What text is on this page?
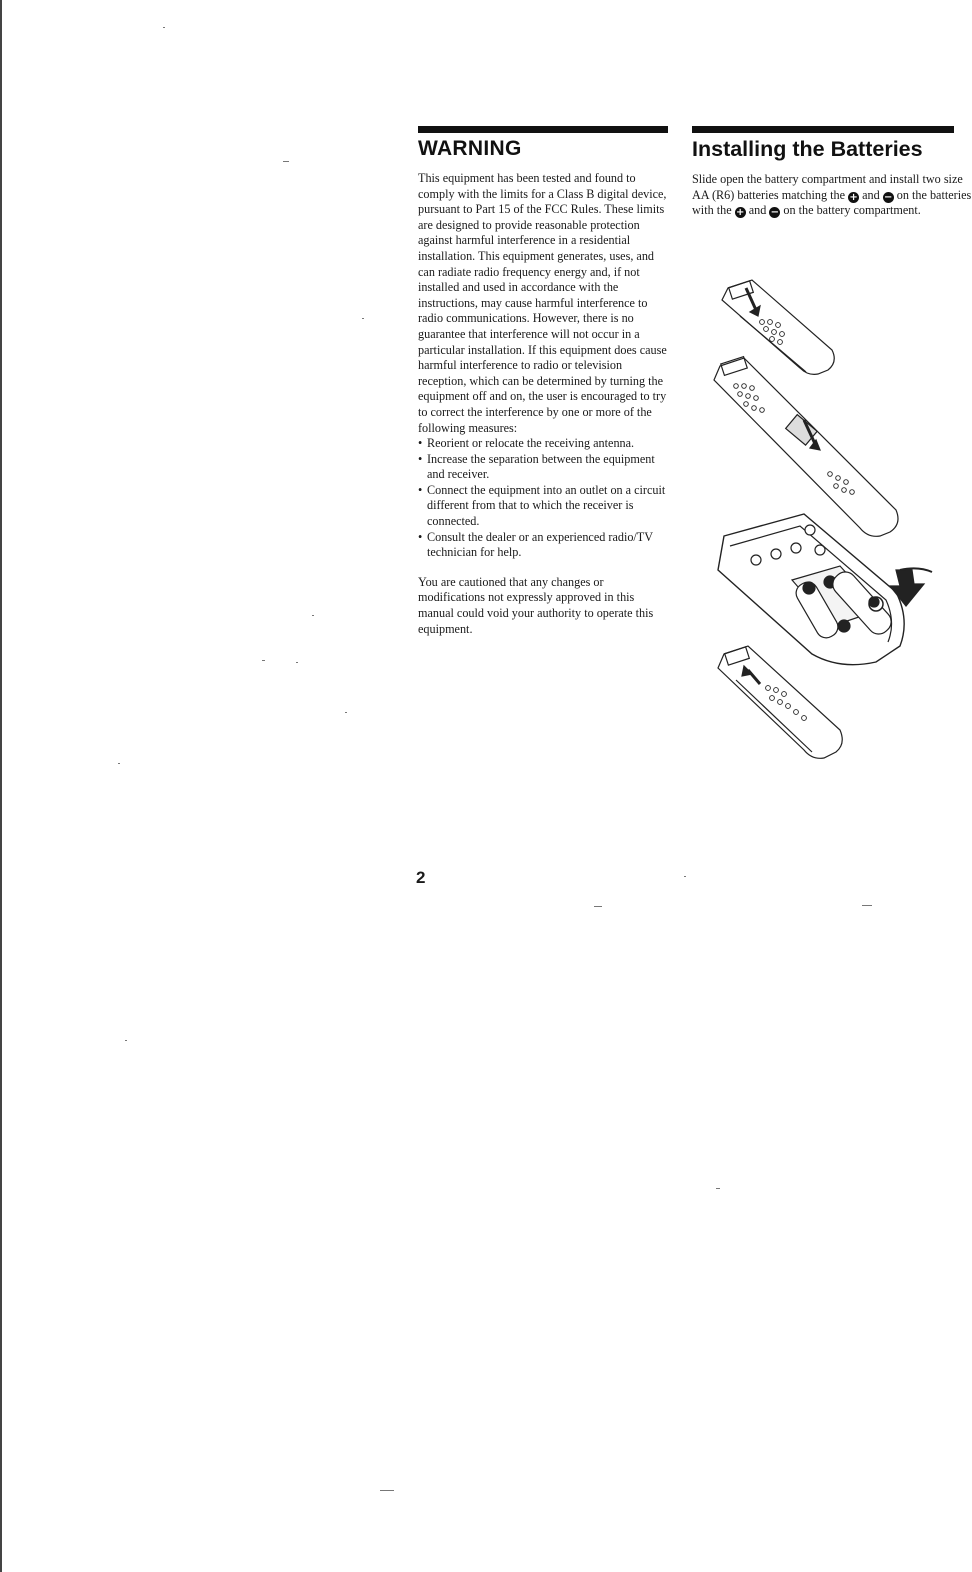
WARNING
This equipment has been tested and found to comply with the limits for a Class B digital device, pursuant to Part 15 of the FCC Rules. These limits are designed to provide reasonable protection against harmful interference in a residential installation. This equipment generates, uses, and can radiate radio frequency energy and, if not installed and used in accordance with the instructions, may cause harmful interference to radio communications. However, there is no guarantee that interference will not occur in a particular installation. If this equipment does cause harmful interference to radio or television reception, which can be determined by turning the equipment off and on, the user is encouraged to try to correct the interference by one or more of the following measures:
• Reorient or relocate the receiving antenna.
• Increase the separation between the equipment and receiver.
• Connect the equipment into an outlet on a circuit different from that to which the receiver is connected.
• Consult the dealer or an experienced radio/TV technician for help.
You are cautioned that any changes or modifications not expressly approved in this manual could void your authority to operate this equipment.
Installing the Batteries
Slide open the battery compartment and install two size AA (R6) batteries matching the + and − on the batteries with the + and − on the battery compartment.
2
